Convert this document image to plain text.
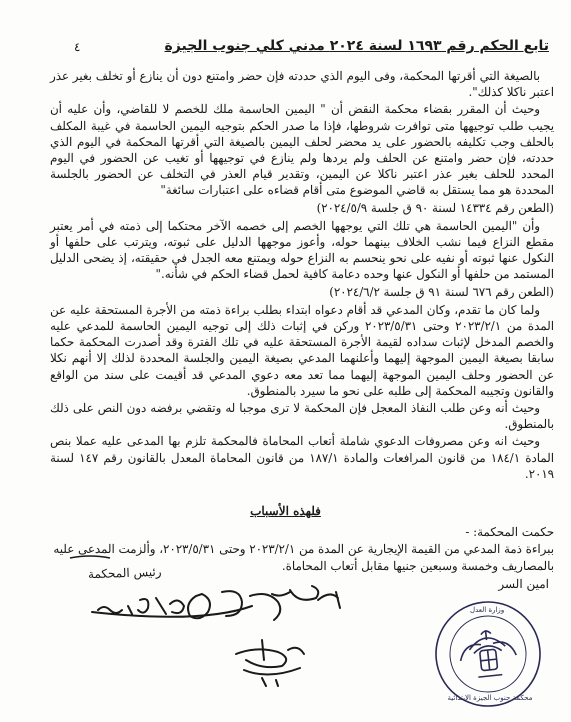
تابع الحكم رقم ١٦٩٣ لسنة ٢٠٢٤ مدني كلي جنوب الجيزة
٤

بالصيغة التي أقرتها المحكمة، وفى اليوم الذي حددته فإن حضر وامتنع دون أن ينازع أو تخلف بغير عذر اعتبر ناكلا كذلك".

وحيث أن المقرر بقضاء محكمة النقض أن " اليمين الحاسمة ملك للخصم لا للقاضي، وأن عليه أن يجيب طلب توجيهها متى توافرت شروطها، فإذا ما صدر الحكم بتوجيه اليمين الحاسمة في غيبة المكلف بالحلف وجب تكليفه بالحضور على يد محضر لحلف اليمين بالصيغة التي أقرتها المحكمة في اليوم الذي حددته، فإن حضر وامتنع عن الحلف ولم يردها ولم ينازع في توجيهها أو تغيب عن الحضور في اليوم المحدد للحلف بغير عذر اعتبر ناكلا عن اليمين، وتقدير قيام العذر في التخلف عن الحضور بالجلسة المحددة هو مما يستقل به قاضي الموضوع متى أقام قضاءه على اعتبارات سائغة"

(الطعن رقم ١٤٣٣٤ لسنة ٩٠ ق جلسة ٢٠٢٤/٥/٩)

وأن "اليمين الحاسمة هي تلك التي يوجهها الخصم إلى خصمه الآخر محتكما إلى ذمته في أمر يعتبر مقطع النزاع فيما نشب الخلاف بينهما حوله، وأعوز موجهها الدليل على ثبوته، ويترتب على حلفها أو النكول عنها ثبوته أو نفيه على نحو ينحسم به النزاع حوله ويمتنع معه الجدل في حقيقته، إذ يضحى الدليل المستمد من حلفها أو النكول عنها وحده دعامة كافية لحمل قضاء الحكم في شأنه."

(الطعن رقم ٦٧٦ لسنة ٩١ ق جلسة ٢٠٢٤/٦/٢)

ولما كان ما تقدم، وكان المدعي قد أقام دعواه ابتداء بطلب براءة ذمته من الأجرة المستحقة عليه عن المدة من ٢٠٢٣/٢/١ وحتى ٢٠٢٣/٥/٣١ وركن في إثبات ذلك إلى توجيه اليمين الحاسمة للمدعي عليه والخصم المدخل لإثبات سداده لقيمة الأجرة المستحقة عليه في تلك الفترة وقد أصدرت المحكمة حكما سابقا بصيغة اليمين الموجهة إليهما وأعلنهما المدعي بصيغة اليمين والجلسة المحددة لذلك إلا أنهم نكلا عن الحضور وحلف اليمين الموجهة إليهما مما تعد معه دعوي المدعي قد أقيمت على سند من الواقع والقانون وتجيبه المحكمة إلى طلبه على نحو ما سيرد بالمنطوق.

وحيث أنه وعن طلب النفاذ المعجل فإن المحكمة لا ترى موجبا له وتقضي برفضه دون النص على ذلك بالمنطوق.

وحيث انه وعن مصروفات الدعوي شاملة أتعاب المحاماة فالمحكمة تلزم بها المدعى عليه عملا بنص المادة ١٨٤/١ من قانون المرافعات والمادة ١٨٧/١ من قانون المحاماة المعدل بالقانون رقم ١٤٧ لسنة ٢٠١٩.

فلهذه الأسباب

حكمت المحكمة: -

ببراءة ذمة المدعي من القيمة الإيجارية عن المدة من ٢٠٢٣/٢/١ وحتى ٢٠٢٣/٥/٣١، وألزمت المدعى عليه بالمصاريف وخمسة وسبعين جنيها مقابل أتعاب المحاماة.

رئيس المحكمة
امين السر
وزارة العدل
محكمة جنوب الجيزة الابتدائية
